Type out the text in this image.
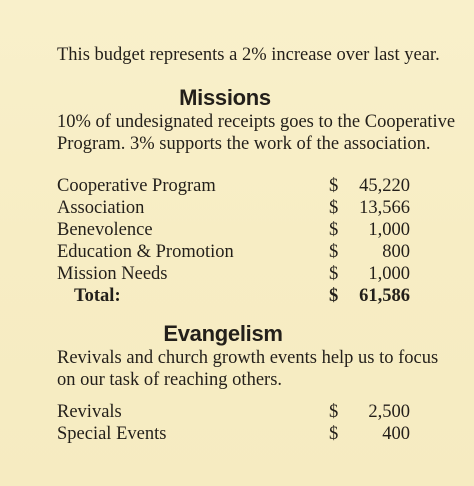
This budget represents a 2% increase over last year.
Missions
10% of undesignated receipts goes to the Cooperative
Program. 3% supports the work of the association.
Cooperative Program	$ 45,220
Association	$ 13,566
Benevolence	$ 1,000
Education & Promotion	$ 800
Mission Needs	$ 1,000
Total:	$ 61,586
Evangelism
Revivals and church growth events help us to focus
on our task of reaching others.
Revivals	$ 2,500
Special Events	$ 400
